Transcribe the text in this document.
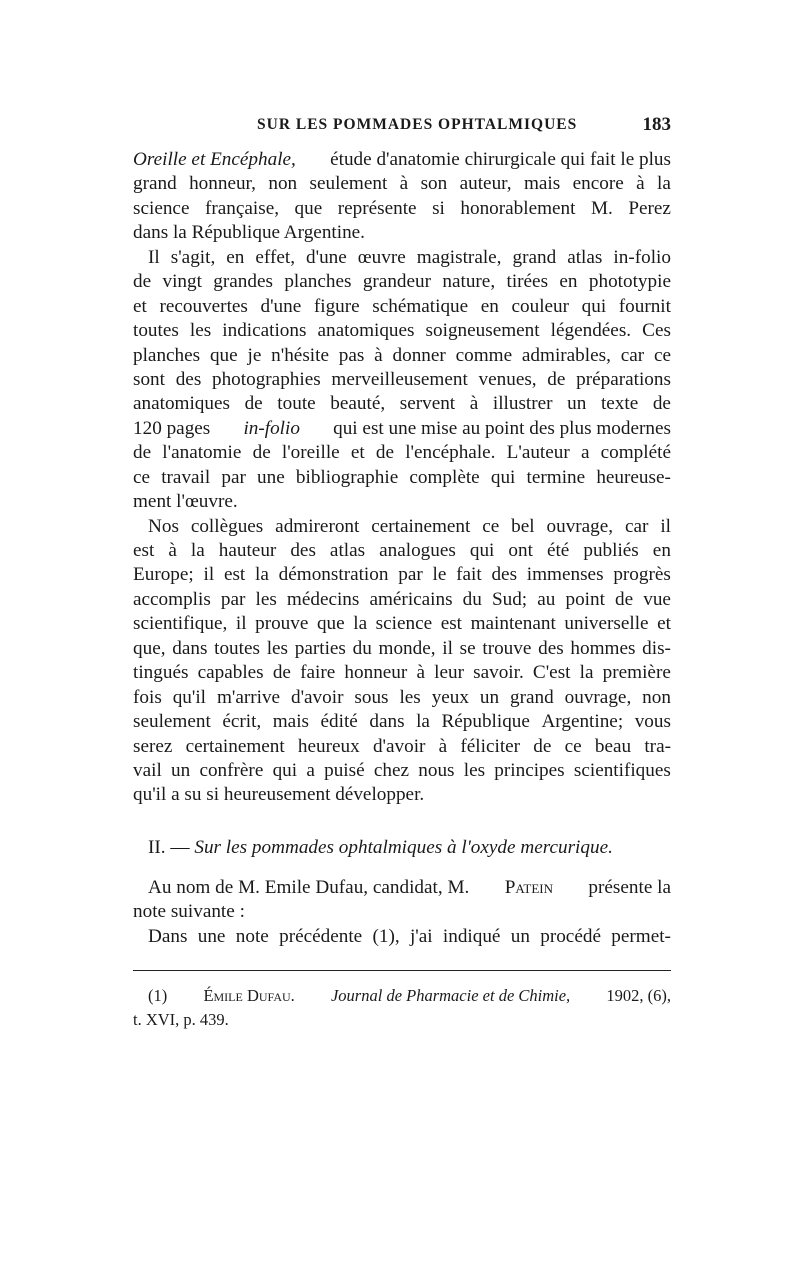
SUR LES POMMADES OPHTALMIQUES	183
Oreille et Encéphale,
étude d'anatomie chirurgicale qui fait le plus
grand honneur, non seulement à son auteur, mais encore à la
science française, que représente si honorablement M. Perez
dans la République Argentine.
Il s'agit, en effet, d'une œuvre magistrale, grand atlas in-folio
de vingt grandes planches grandeur nature, tirées en phototypie
et recouvertes d'une figure schématique en couleur qui fournit
toutes les indications anatomiques soigneusement légendées. Ces
planches que je n'hésite pas à donner comme admirables, car ce
sont des photographies merveilleusement venues, de préparations
anatomiques de toute beauté, servent à illustrer un texte de
120 pages in-folio qui est une mise au point des plus modernes
de l'anatomie de l'oreille et de l'encéphale. L'auteur a complété
ce travail par une bibliographie complète qui termine heureuse-
ment l'œuvre.
Nos collègues admireront certainement ce bel ouvrage, car il
est à la hauteur des atlas analogues qui ont été publiés en
Europe; il est la démonstration par le fait des immenses progrès
accomplis par les médecins américains du Sud; au point de vue
scientifique, il prouve que la science est maintenant universelle et
que, dans toutes les parties du monde, il se trouve des hommes dis-
tingués capables de faire honneur à leur savoir. C'est la première
fois qu'il m'arrive d'avoir sous les yeux un grand ouvrage, non
seulement écrit, mais édité dans la République Argentine; vous
serez certainement heureux d'avoir à féliciter de ce beau tra-
vail un confrère qui a puisé chez nous les principes scientifiques
qu'il a su si heureusement développer.
II. — Sur les pommades ophtalmiques à l'oxyde mercurique.
Au nom de M. Emile Dufau, candidat, M. Patein présente la
note suivante :
Dans une note précédente (1), j'ai indiqué un procédé permet-
(1) Émile Dufau. Journal de Pharmacie et de Chimie, 1902, (6),
t. XVI, p. 439.
